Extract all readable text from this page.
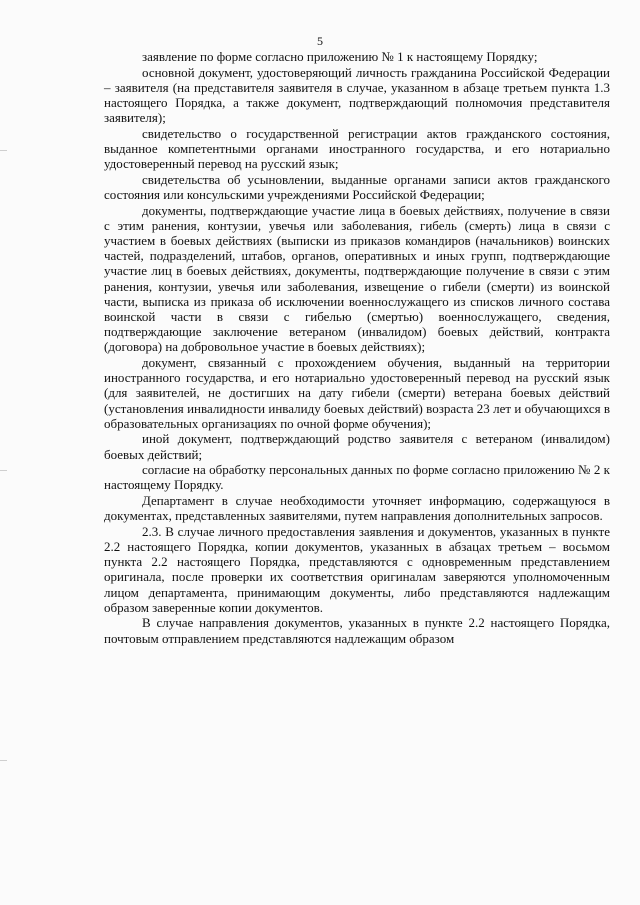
5

заявление по форме согласно приложению № 1 к настоящему Порядку;

основной документ, удостоверяющий личность гражданина Российской Федерации – заявителя (на представителя заявителя в случае, указанном в абзаце третьем пункта 1.3 настоящего Порядка, а также документ, подтверждающий полномочия представителя заявителя);

свидетельство о государственной регистрации актов гражданского состояния, выданное компетентными органами иностранного государства, и его нотариально удостоверенный перевод на русский язык;

свидетельства об усыновлении, выданные органами записи актов гражданского состояния или консульскими учреждениями Российской Федерации;

документы, подтверждающие участие лица в боевых действиях, получение в связи с этим ранения, контузии, увечья или заболевания, гибель (смерть) лица в связи с участием в боевых действиях (выписки из приказов командиров (начальников) воинских частей, подразделений, штабов, органов, оперативных и иных групп, подтверждающие участие лиц в боевых действиях, документы, подтверждающие получение в связи с этим ранения, контузии, увечья или заболевания, извещение о гибели (смерти) из воинской части, выписка из приказа об исключении военнослужащего из списков личного состава воинской части в связи с гибелью (смертью) военнослужащего, сведения, подтверждающие заключение ветераном (инвалидом) боевых действий, контракта (договора) на добровольное участие в боевых действиях);

документ, связанный с прохождением обучения, выданный на территории иностранного государства, и его нотариально удостоверенный перевод на русский язык (для заявителей, не достигших на дату гибели (смерти) ветерана боевых действий (установления инвалидности инвалиду боевых действий) возраста 23 лет и обучающихся в образовательных организациях по очной форме обучения);

иной документ, подтверждающий родство заявителя с ветераном (инвалидом) боевых действий;

согласие на обработку персональных данных по форме согласно приложению № 2 к настоящему Порядку.

Департамент в случае необходимости уточняет информацию, содержащуюся в документах, представленных заявителями, путем направления дополнительных запросов.

2.3. В случае личного предоставления заявления и документов, указанных в пункте 2.2 настоящего Порядка, копии документов, указанных в абзацах третьем – восьмом пункта 2.2 настоящего Порядка, представляются с одновременным представлением оригинала, после проверки их соответствия оригиналам заверяются уполномоченным лицом департамента, принимающим документы, либо представляются надлежащим образом заверенные копии документов.

В случае направления документов, указанных в пункте 2.2 настоящего Порядка, почтовым отправлением представляются надлежащим образом
